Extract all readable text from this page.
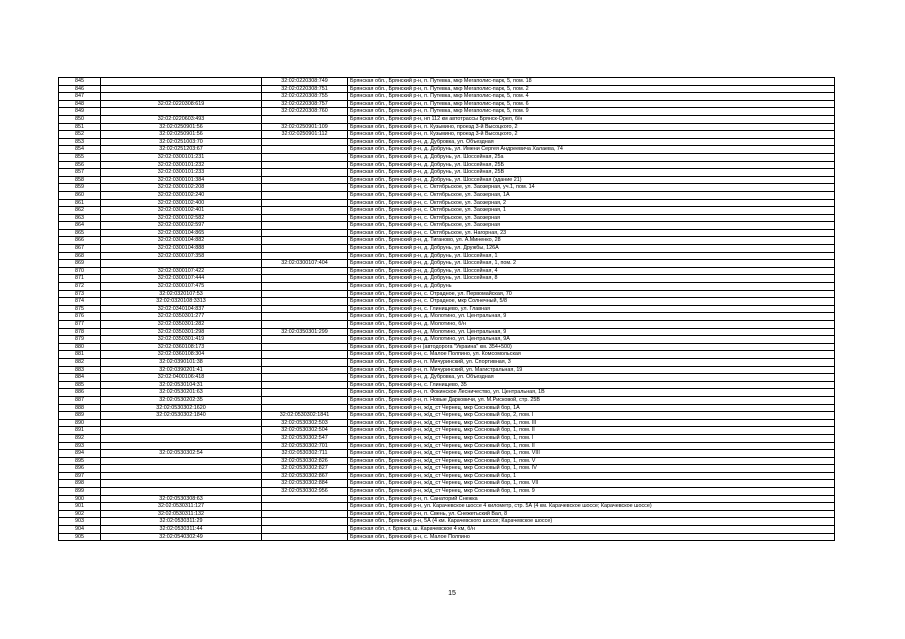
845		32:02:0220308:749	Брянская обл., Брянский р-н, п. Путевка, мкр Мегаполис-парк, 5, пом. 18
846		32:02:0220308:751	Брянская обл., Брянский р-н, п. Путевка, мкр Мегаполис-парк, 5, пом. 2
847		32:02:0220308:755	Брянская обл., Брянский р-н, п. Путевка, мкр Мегаполис-парк, 5, пом. 4
848	32:02:0220308:619	32:02:0220308:757	Брянская обл., Брянский р-н, п. Путевка, мкр Мегаполис-парк, 5, пом. 6
849		32:02:0220308:760	Брянская обл., Брянский р-н, п. Путевка, мкр Мегаполис-парк, 5, пом. 9
850	32:02:0220603:493		Брянская обл., Брянский р-н, нп 112 км автотрассы Брянск-Орел, б/н
851	32:02:0250901:56	32:02:0250901:109	Брянская обл., Брянский р-н, п. Кузьмино, проезд 3-й Высоцкого, 2
852	32:02:0250901:56	32:02:0250901:112	Брянская обл., Брянский р-н, п. Кузьмино, проезд 3-й Высоцкого, 2
853	32:02:0251003:70		Брянская обл., Брянский р-н, д. Дубровка, ул. Объездная
854	32:02:0251203:67		Брянская обл., Брянский р-н, д. Добрунь, ул. Имени Сергея Андреевича Халаева, 74
855	32:02:0300101:231		Брянская обл., Брянский р-н, д. Добрунь, ул. Шоссейная, 25а
856	32:02:0300101:232		Брянская обл., Брянский р-н, д. Добрунь, ул. Шоссейная, 25Б
857	32:02:0300101:233		Брянская обл., Брянский р-н, д. Добрунь, ул. Шоссейная, 25В
858	32:02:0300101:384		Брянская обл., Брянский р-н, д. Добрунь, ул. Шоссейная (здание 21)
859	32:02:0300102:208		Брянская обл., Брянский р-н, с. Октябрьское, ул. Заозерная, уч.1, пом. 14
860	32:02:0300102:240		Брянская обл., Брянский р-н, с. Октябрьское, ул. Заозерная, 1А
861	32:02:0300102:400		Брянская обл., Брянский р-н, с. Октябрьское, ул. Заозерная, 2
862	32:02:0300102:401		Брянская обл., Брянский р-н, с. Октябрьское, ул. Заозерная, 1
863	32:02:0300102:582		Брянская обл., Брянский р-н, с. Октябрьское, ул. Заозерная
864	32:02:0300102:597		Брянская обл., Брянский р-н, с. Октябрьское, ул. Заозерная
865	32:02:0300104:865		Брянская обл., Брянский р-н, с. Октябрьское, ул. Нагорная, 23
866	32:02:0300104:882		Брянская обл., Брянский р-н, д. Тиганово, ул. А.Миненко, 28
867	32:02:0300104:888		Брянская обл., Брянский р-н, д. Добрунь, ул. Дружбы, 126А
868	32:02:0300107:358		Брянская обл., Брянский р-н, д. Добрунь, ул. Шоссейная, 1
869		32:02:0300107:404	Брянская обл., Брянский р-н, д. Добрунь, ул. Шоссейная, 1, пом. 2
870	32:02:0300107:422		Брянская обл., Брянский р-н, д. Добрунь, ул. Шоссейная, 4
871	32:02:0300107:444		Брянская обл., Брянский р-н, д. Добрунь, ул. Шоссейная, 8
872	32:02:0300107:475		Брянская обл., Брянский р-н, д. Добрунь
873	32:02:0320107:53		Брянская обл., Брянский р-н, с. Отрадное, ул. Первомайская, 70
874	32:02:0320108:3313		Брянская обл., Брянский р-н, с. Отрадное, мкр Солнечный, 5/8
875	32:02:0340104:837		Брянская обл., Брянский р-н, с. Глинищево, ул. Главная
876	32:02:0350301:277		Брянская обл., Брянский р-н, д. Молотино, ул. Центральная, 9
877	32:02:0350301:282		Брянская обл., Брянский р-н, д. Молотино, б/н
878	32:02:0350301:298	32:02:0350301:299	Брянская обл., Брянский р-н, д. Молотино, ул. Центральная, 9
879	32:02:0350301:419		Брянская обл., Брянский р-н, д. Молотино, ул. Центральная, 9А
880	32:02:0360108:173		Брянская обл., Брянский р-н (автодорога "Украина" км. 354+500)
881	32:02:0360108:304		Брянская обл., Брянский р-н, с. Малое Полпино, ул. Комсомольская
882	32:02:0390101:38		Брянская обл., Брянский р-н, п. Мичуринский, ул. Спортивная, 3
883	32:02:0390201:41		Брянская обл., Брянский р-н, п. Мичуринский, ул. Магистральная, 19
884	32:02:0400106:418		Брянская обл., Брянский р-н, д. Дубровка, ул. Объездная
885	32:02:0530104:31		Брянская обл., Брянский р-н, с. Глинищево, 35
886	32:02:0530201:63		Брянская обл., Брянский р-н, п. Фокинское Лесничество, ул. Центральная, 1В
887	32:02:0530202:35		Брянская обл., Брянский р-н, п. Новые Дарковичи, ул. М.Рисковой, стр. 25В
888	32:02:0530302:1620		Брянская обл., Брянский р-н, ж/д_ст Чернец, мкр Сосновый бор, 1А
889	32:02:0530302:1840	32:02:0530302:1841	Брянская обл., Брянский р-н, ж/д_ст Чернец, мкр Сосновый бор, 2, пом. I
890		32:02:0530302:503	Брянская обл., Брянский р-н, ж/д_ст Чернец, мкр Сосновый бор, 1, пом. III
891		32:02:0530302:504	Брянская обл., Брянский р-н, ж/д_ст Чернец, мкр Сосновый бор, 1, пом. II
892		32:02:0530302:547	Брянская обл., Брянский р-н, ж/д_ст Чернец, мкр Сосновый бор, 1, пом. I
893		32:02:0530302:701	Брянская обл., Брянский р-н, ж/д_ст Чернец, мкр Сосновый бор, 1, пом. II
894	32:02:0530302:54	32:02:0530302:711	Брянская обл., Брянский р-н, ж/д_ст Чернец, мкр Сосновый бор, 1, пом. VIII
895		32:02:0530302:826	Брянская обл., Брянский р-н, ж/д_ст Чернец, мкр Сосновый бор, 1, пом. V
896		32:02:0530302:827	Брянская обл., Брянский р-н, ж/д_ст Чернец, мкр Сосновый бор, 1, пом. IV
897		32:02:0530302:867	Брянская обл., Брянский р-н, ж/д_ст Чернец, мкр Сосновый бор, 1
898		32:02:0530302:884	Брянская обл., Брянский р-н, ж/д_ст Чернец, мкр Сосновый бор, 1, пом. VII
899		32:02:0530302:956	Брянская обл., Брянский р-н, ж/д_ст Чернец, мкр Сосновый бор, 1, пом. 9
900	32:02:0530308:63		Брянская обл., Брянский р-н, п. Санаторий Снежка
901	32:02:0530311:127		Брянская обл., Брянский р-н, ул. Карачевское шоссе 4 километр, стр. 5А (4 км. Карачевское шоссе; Карачевское шоссе)
902	32:02:0530311:132		Брянская обл., Брянский р-н, п. Свень, ул. Снежетьский Вал, 8
903	32:02:0530311:29		Брянская обл., Брянский р-н, 5А (4 км. Карачевского шоссе; Карачевское шоссе)
904	32:02:0530311:44		Брянская обл., г. Брянск, ш. Карачевское 4 км, б/н
905	32:02:0540302:49		Брянская обл., Брянский р-н, с. Малое Полпино
15
